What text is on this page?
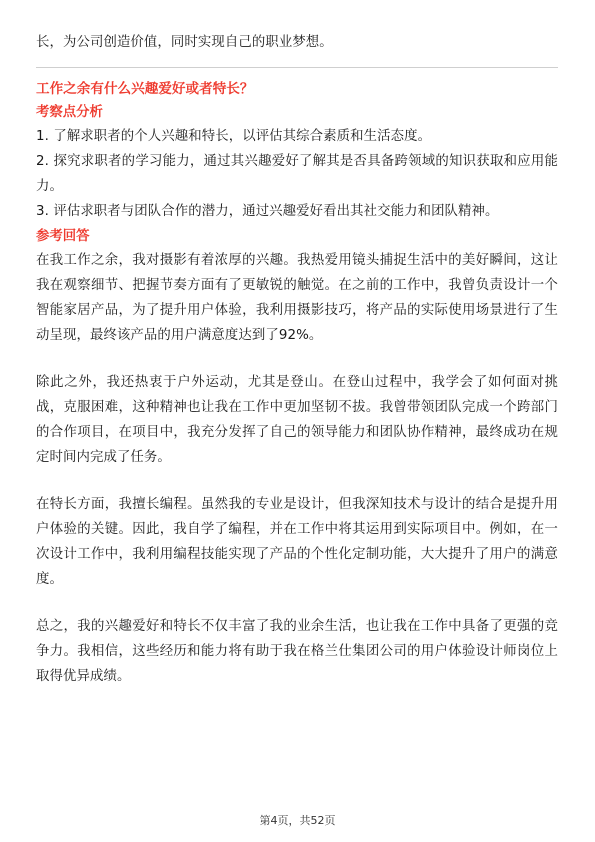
长，为公司创造价值，同时实现自己的职业梦想。

工作之余有什么兴趣爱好或者特长？

考察点分析

1. 了解求职者的个人兴趣和特长，以评估其综合素质和生活态度。

2. 探究求职者的学习能力，通过其兴趣爱好了解其是否具备跨领域的知识获取和应用能力。

3. 评估求职者与团队合作的潜力，通过兴趣爱好看出其社交能力和团队精神。

参考回答

在我工作之余，我对摄影有着浓厚的兴趣。我热爱用镜头捕捉生活中的美好瞬间，这让我在观察细节、把握节奏方面有了更敏锐的触觉。在之前的工作中，我曾负责设计一个智能家居产品，为了提升用户体验，我利用摄影技巧，将产品的实际使用场景进行了生动呈现，最终该产品的用户满意度达到了92%。

除此之外，我还热衷于户外运动，尤其是登山。在登山过程中，我学会了如何面对挑战，克服困难，这种精神也让我在工作中更加坚韧不拔。我曾带领团队完成一个跨部门的合作项目，在项目中，我充分发挥了自己的领导能力和团队协作精神，最终成功在规定时间内完成了任务。

在特长方面，我擅长编程。虽然我的专业是设计，但我深知技术与设计的结合是提升用户体验的关键。因此，我自学了编程，并在工作中将其运用到实际项目中。例如，在一次设计工作中，我利用编程技能实现了产品的个性化定制功能，大大提升了用户的满意度。

总之，我的兴趣爱好和特长不仅丰富了我的业余生活，也让我在工作中具备了更强的竞争力。我相信，这些经历和能力将有助于我在格兰仕集团公司的用户体验设计师岗位上取得优异成绩。

第4页，共52页
